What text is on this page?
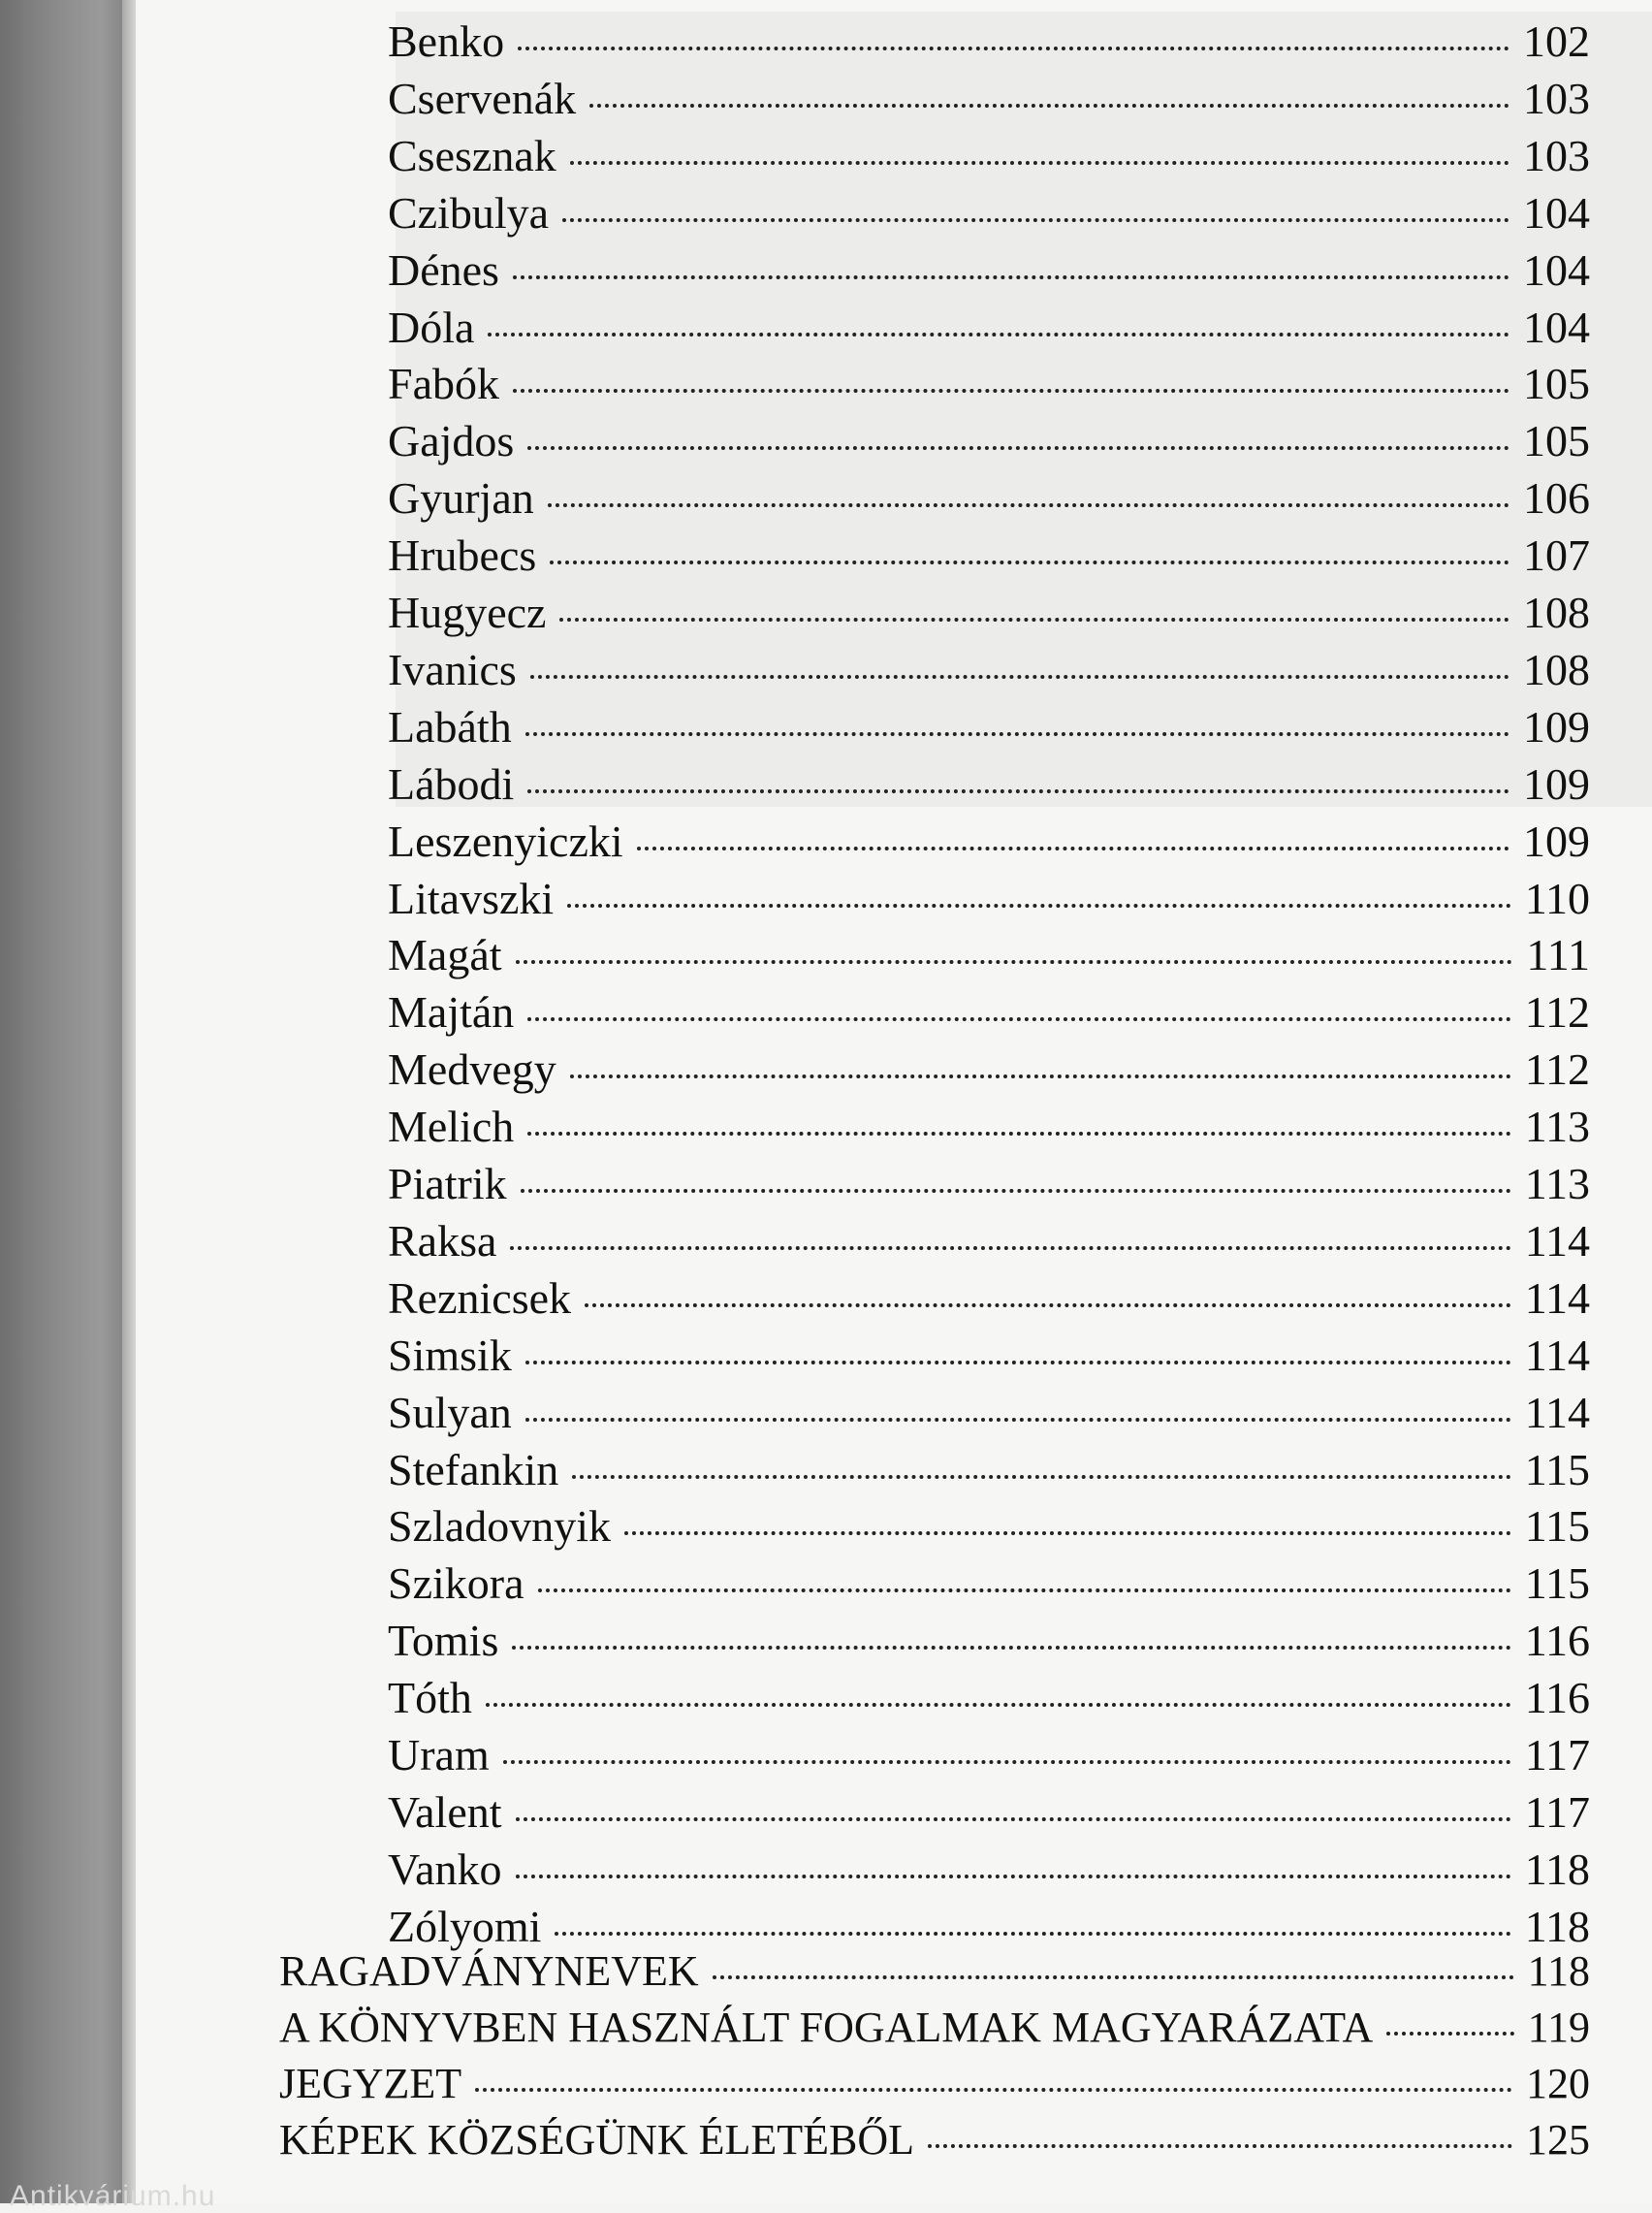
Benko	102
Cservenák	103
Csesznak	103
Czibulya	104
Dénes	104
Dóla	104
Fabók	105
Gajdos	105
Gyurjan	106
Hrubecs	107
Hugyecz	108
Ivanics	108
Labáth	109
Lábodi	109
Leszenyiczki	109
Litavszki	110
Magát	111
Majtán	112
Medvegy	112
Melich	113
Piatrik	113
Raksa	114
Reznicsek	114
Simsik	114
Sulyan	114
Stefankin	115
Szladovnyik	115
Szikora	115
Tomis	116
Tóth	116
Uram	117
Valent	117
Vanko	118
Zólyomi	118
RAGADVÁNYNEVEK	118
A KÖNYVBEN HASZNÁLT FOGALMAK MAGYARÁZATA	119
JEGYZET	120
KÉPEK KÖZSÉGÜNK ÉLETÉBŐL	125
Antikvárium.hu
